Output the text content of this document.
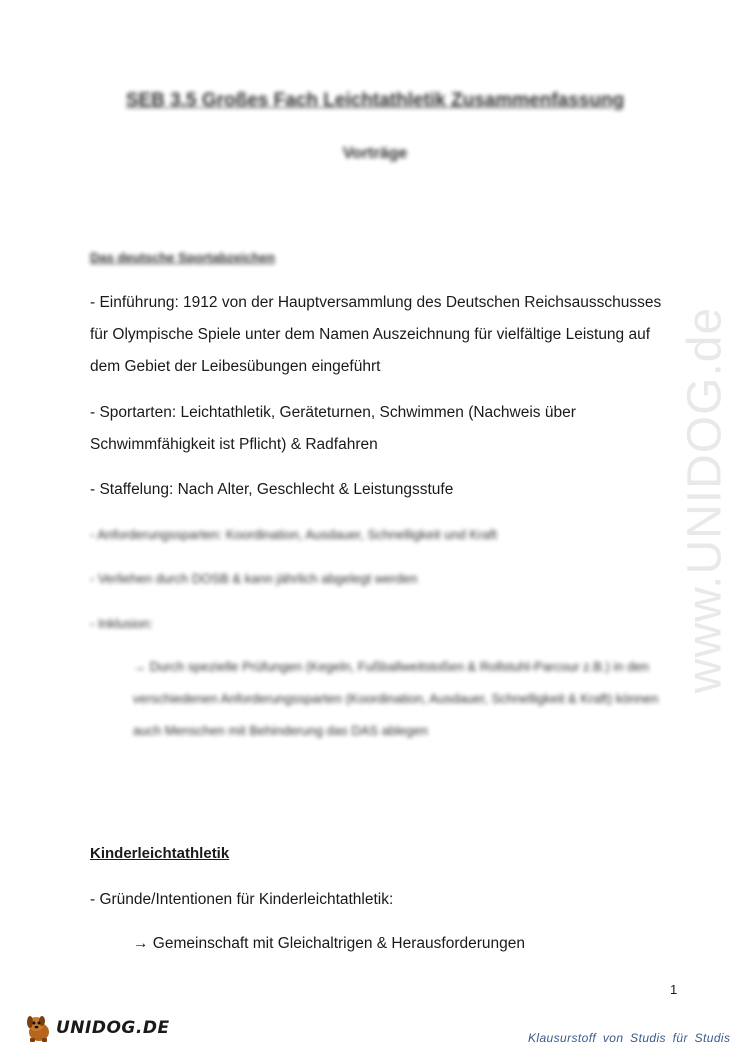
www.UNIDOG.de
SEB 3.5 Großes Fach Leichtathletik Zusammenfassung
Vorträge
Das deutsche Sportabzeichen
- Einführung: 1912 von der Hauptversammlung des Deutschen Reichsausschusses für Olympische Spiele unter dem Namen Auszeichnung für vielfältige Leistung auf dem Gebiet der Leibesübungen eingeführt
- Sportarten: Leichtathletik, Geräteturnen, Schwimmen (Nachweis über Schwimmfähigkeit ist Pflicht) & Radfahren
- Staffelung: Nach Alter, Geschlecht & Leistungsstufe
- Anforderungssparten: Koordination, Ausdauer, Schnelligkeit und Kraft
- Verliehen durch DOSB & kann jährlich abgelegt werden
- Inklusion:
→ Durch spezielle Prüfungen (Kegeln, Fußballweitstoßen & Rollstuhl-Parcour z.B.) in den verschiedenen Anforderungssparten (Koordination, Ausdauer, Schnelligkeit & Kraft) können auch Menschen mit Behinderung das DAS ablegen
Kinderleichtathletik
- Gründe/Intentionen für Kinderleichtathletik:
→ Gemeinschaft mit Gleichaltrigen & Herausforderungen
1
UNIDOG.DE	Klausurstoff von Studis für Studis
